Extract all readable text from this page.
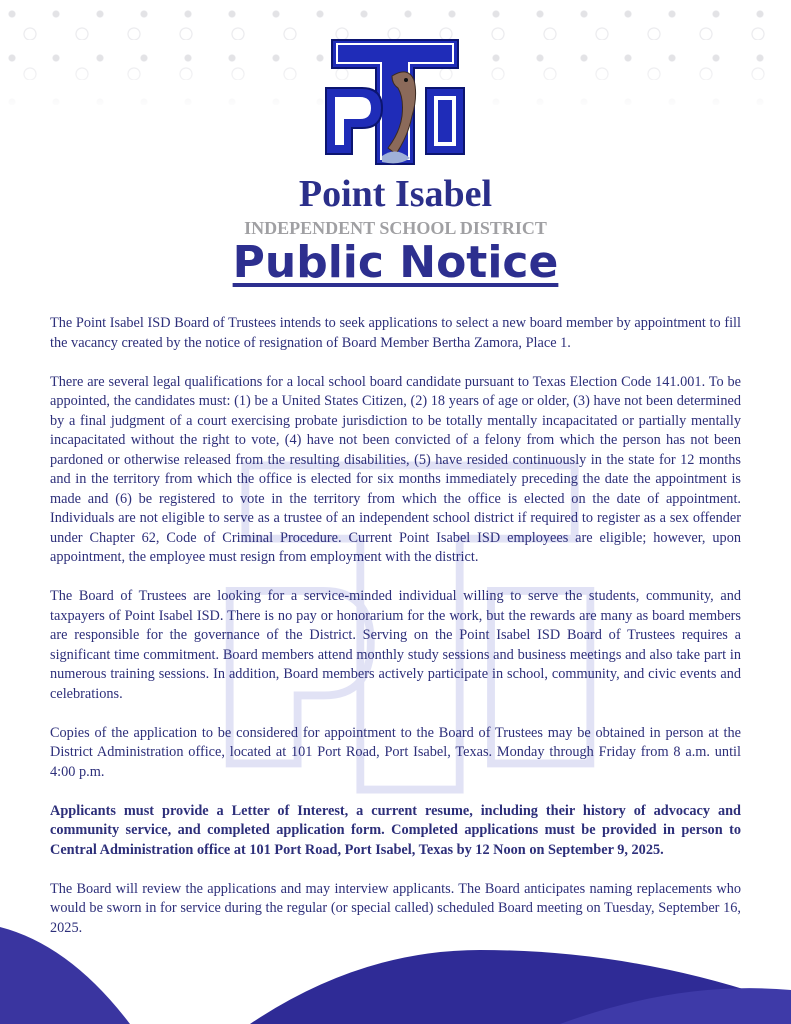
Point Isabel
INDEPENDENT SCHOOL DISTRICT
Public Notice

The Point Isabel ISD Board of Trustees intends to seek applications to select a new board member by appointment to fill the vacancy created by the notice of resignation of Board Member Bertha Zamora, Place 1.

There are several legal qualifications for a local school board candidate pursuant to Texas Election Code 141.001. To be appointed, the candidates must: (1) be a United States Citizen, (2) 18 years of age or older, (3) have not been determined by a final judgment of a court exercising probate jurisdiction to be totally mentally incapacitated or partially mentally incapacitated without the right to vote, (4) have not been convicted of a felony from which the person has not been pardoned or otherwise released from the resulting disabilities, (5) have resided continuously in the state for 12 months and in the territory from which the office is elected for six months immediately preceding the date the appointment is made and (6) be registered to vote in the territory from which the office is elected on the date of appointment. Individuals are not eligible to serve as a trustee of an independent school district if required to register as a sex offender under Chapter 62, Code of Criminal Procedure. Current Point Isabel ISD employees are eligible; however, upon appointment, the employee must resign from employment with the district.

The Board of Trustees are looking for a service-minded individual willing to serve the students, community, and taxpayers of Point Isabel ISD. There is no pay or honorarium for the work, but the rewards are many as board members are responsible for the governance of the District. Serving on the Point Isabel ISD Board of Trustees requires a significant time commitment. Board members attend monthly study sessions and business meetings and also take part in numerous training sessions. In addition, Board members actively participate in school, community, and civic events and celebrations.

Copies of the application to be considered for appointment to the Board of Trustees may be obtained in person at the District Administration office, located at 101 Port Road, Port Isabel, Texas. Monday through Friday from 8 a.m. until 4:00 p.m.

Applicants must provide a Letter of Interest, a current resume, including their history of advocacy and community service, and completed application form. Completed applications must be provided in person to Central Administration office at 101 Port Road, Port Isabel, Texas by 12 Noon on September 9, 2025.

The Board will review the applications and may interview applicants. The Board anticipates naming replacements who would be sworn in for service during the regular (or special called) scheduled Board meeting on Tuesday, September 16, 2025.
